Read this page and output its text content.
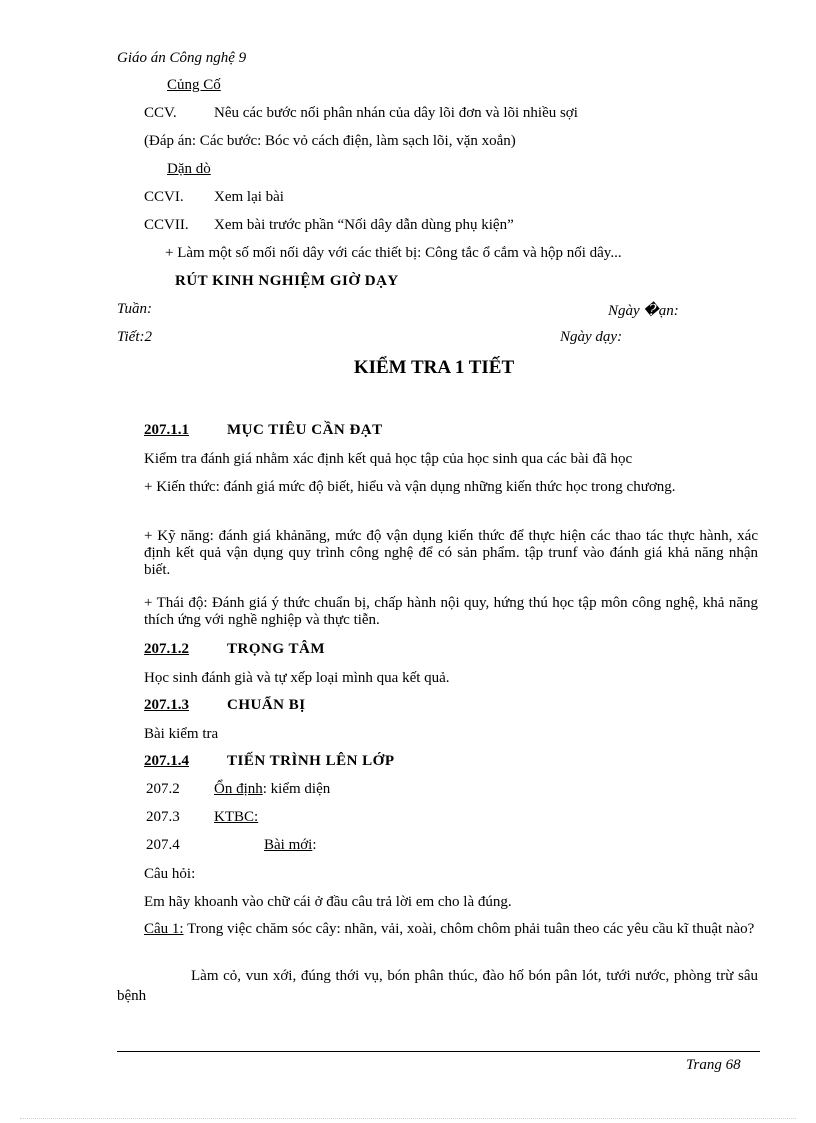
Giáo án Công nghệ 9
Củng Cố
CCV. Nêu các bước nối phân nhán của dây lõi đơn và lõi nhiều sợi
(Đáp án: Các bước: Bóc vỏ cách điện, làm sạch lõi, vặn xoắn)
Dặn dò
CCVI. Xem lại bài
CCVII. Xem bài trước phần “Nối dây dẫn dùng phụ kiện”
+ Làm một số mối nối dây với các thiết bị: Công tắc ổ cắm và hộp nối dây...
RÚT KINH NGHIỆM GIỜ DẠY
Tuần:	Ngày �ạn:
Tiết:2	Ngày dạy:
KIỂM TRA 1 TIẾT
207.1.1	MỤC TIÊU CẦN ĐẠT
Kiểm tra đánh giá nhằm xác định kết quả học tập của học sinh qua các bài đã học
+ Kiến thức: đánh giá mức độ biết, hiểu và vận dụng những kiến thức học trong chương.
+ Kỹ năng: đánh giá khảnăng, mức độ vận dụng kiến thức để thực hiện các thao tác thực hành, xác định kết quả vận dụng quy trình công nghệ để có sản phẩm. tập trunf vào đánh giá khả năng nhận biết.
+ Thái độ: Đánh giá ý thức chuẩn bị, chấp hành nội quy, hứng thú học tập môn công nghệ, khả năng thích ứng với nghề nghiệp và thực tiễn.
207.1.2	TRỌNG TÂM
Học sinh đánh già và tự xếp loại mình qua kết quả.
207.1.3	CHUẨN BỊ
Bài kiểm tra
207.1.4	TIẾN TRÌNH LÊN LỚP
207.2 Ổn định: kiểm diện
207.3 KTBC:
207.4	Bài mới:
Câu hỏi:
Em hãy khoanh vào chữ cái ở đầu câu trả lời em cho là đúng.
Câu 1: Trong việc chăm sóc cây: nhãn, vải, xoài, chôm chôm phải tuân theo các yêu cầu kĩ thuật nào?
Làm cỏ, vun xới, đúng thới vụ, bón phân thúc, đào hố bón pân lót, tưới nước, phòng trừ sâu bệnh
Trang 68
